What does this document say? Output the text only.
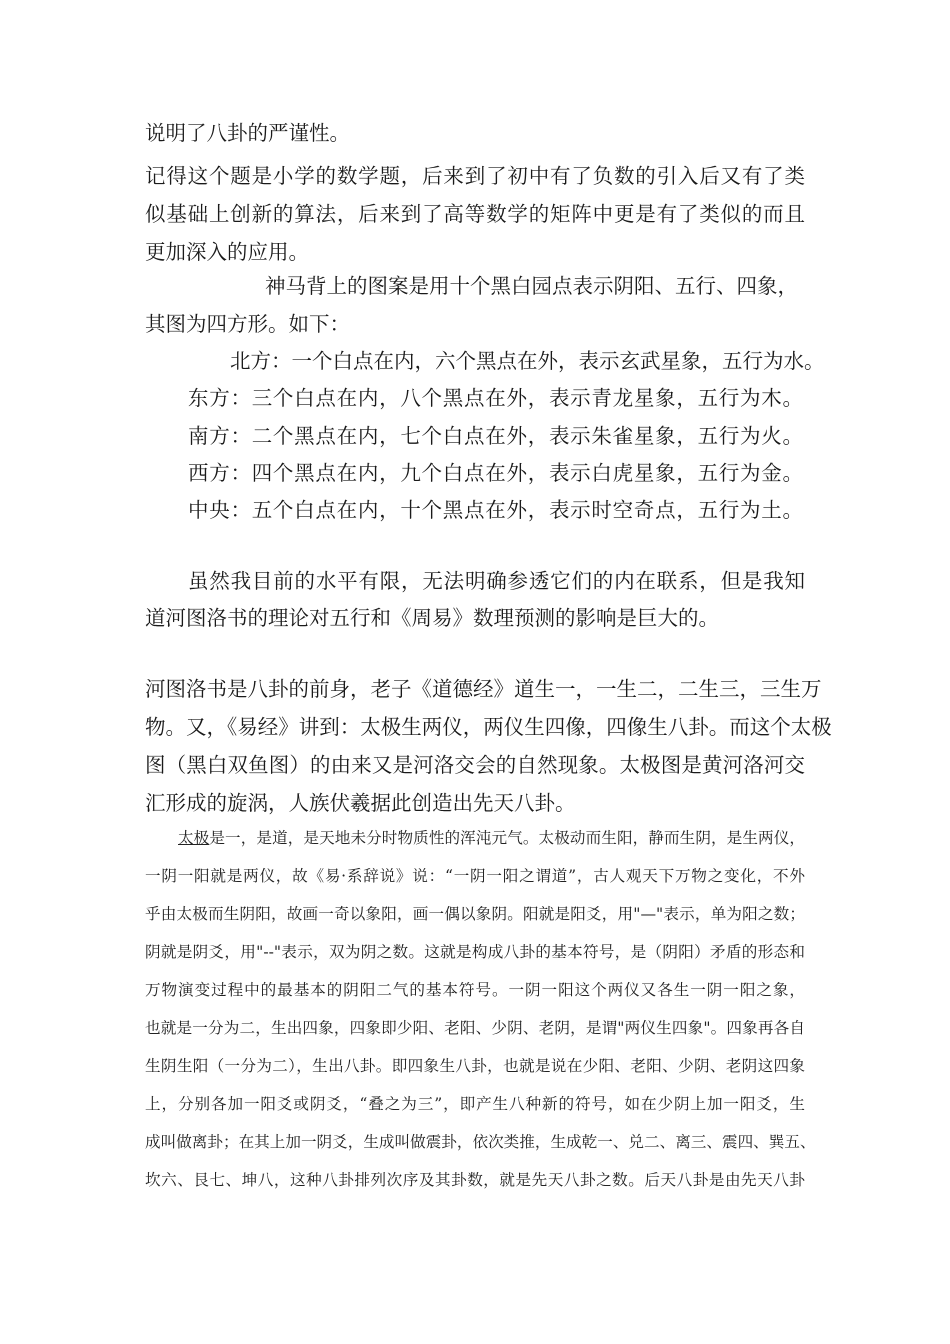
说明了八卦的严谨性。
记得这个题是小学的数学题，后来到了初中有了负数的引入后又有了类
似基础上创新的算法，后来到了高等数学的矩阵中更是有了类似的而且
更加深入的应用。
神马背上的图案是用十个黑白园点表示阴阳、五行、四象，
其图为四方形。如下：
北方：一个白点在内，六个黑点在外，表示玄武星象，五行为水。
东方：三个白点在内，八个黑点在外，表示青龙星象，五行为木。
南方：二个黑点在内，七个白点在外，表示朱雀星象，五行为火。
西方：四个黑点在内，九个白点在外，表示白虎星象，五行为金。
中央：五个白点在内，十个黑点在外，表示时空奇点，五行为土。
虽然我目前的水平有限，无法明确参透它们的内在联系，但是我知
道河图洛书的理论对五行和《周易》数理预测的影响是巨大的。
河图洛书是八卦的前身，老子《道德经》道生一，一生二，二生三，三生万
物。又，《易经》讲到：太极生两仪，两仪生四像，四像生八卦。而这个太极
图（黑白双鱼图）的由来又是河洛交会的自然现象。太极图是黄河洛河交
汇形成的旋涡，人族伏羲据此创造出先天八卦。
太极是一，是道，是天地未分时物质性的浑沌元气。太极动而生阳，静而生阴，是生两仪，
一阴一阳就是两仪，故《易·系辞说》说：“一阴一阳之谓道”，古人观天下万物之变化，不外
乎由太极而生阴阳，故画一奇以象阳，画一偶以象阴。阳就是阳爻，用"—"表示，单为阳之数；
阴就是阴爻，用"--"表示，双为阴之数。这就是构成八卦的基本符号，是（阴阳）矛盾的形态和
万物演变过程中的最基本的阴阳二气的基本符号。一阴一阳这个两仪又各生一阴一阳之象，
也就是一分为二，生出四象，四象即少阳、老阳、少阴、老阴，是谓"两仪生四象"。四象再各自
生阴生阳（一分为二），生出八卦。即四象生八卦，也就是说在少阳、老阳、少阴、老阴这四象
上，分别各加一阳爻或阴爻，“叠之为三”，即产生八种新的符号，如在少阴上加一阳爻，生
成叫做离卦；在其上加一阴爻，生成叫做震卦，依次类推，生成乾一、兑二、离三、震四、巽五、
坎六、艮七、坤八，这种八卦排列次序及其卦数，就是先天八卦之数。后天八卦是由先天八卦
